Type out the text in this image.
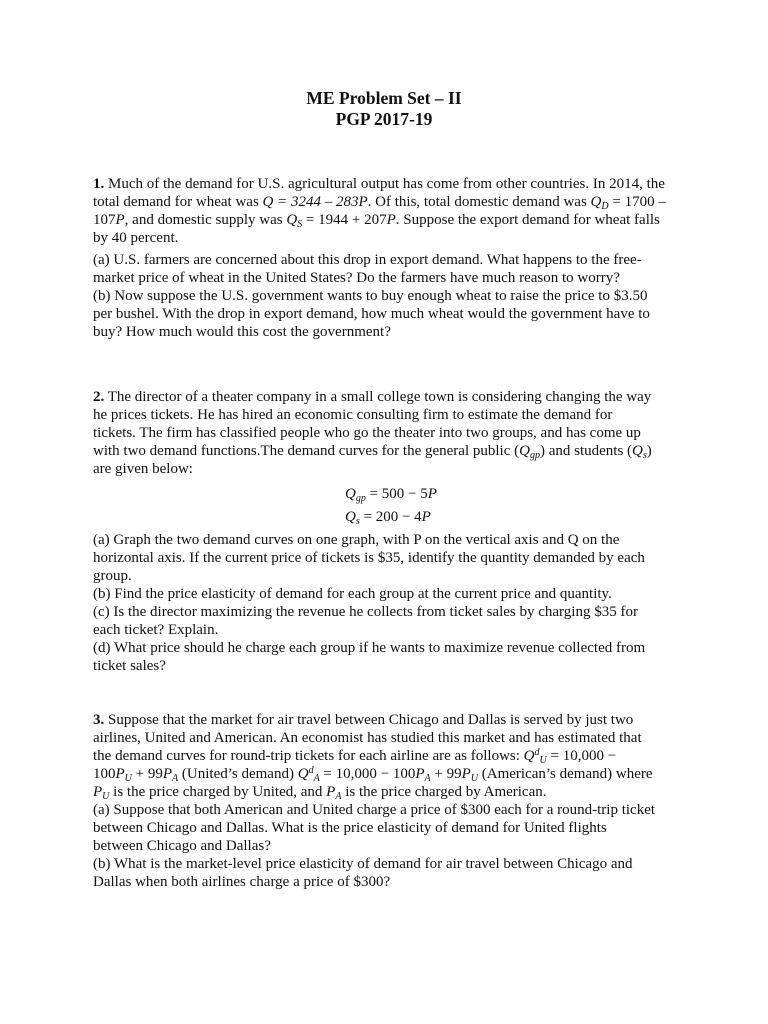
ME Problem Set – II
PGP 2017-19
1. Much of the demand for U.S. agricultural output has come from other countries. In 2014, the
total demand for wheat was Q = 3244 – 283P. Of this, total domestic demand was $Q_D = 1700$ –
107P, and domestic supply was $Q_S = 1944 + 207P$. Suppose the export demand for wheat falls
by 40 percent.
(a) U.S. farmers are concerned about this drop in export demand. What happens to the free-
market price of wheat in the United States? Do the farmers have much reason to worry?
(b) Now suppose the U.S. government wants to buy enough wheat to raise the price to $3.50
per bushel. With the drop in export demand, how much wheat would the government have to
buy? How much would this cost the government?
2. The director of a theater company in a small college town is considering changing the way
he prices tickets. He has hired an economic consulting firm to estimate the demand for
tickets. The firm has classified people who go the theater into two groups, and has come up
with two demand functions.The demand curves for the general public $(Q_{gp})$ and students $(Q_s)$
are given below:
$Q_{gp} = 500 - 5P$
$Q_s = 200 - 4P$
(a) Graph the two demand curves on one graph, with P on the vertical axis and Q on the
horizontal axis. If the current price of tickets is $35, identify the quantity demanded by each
group.
(b) Find the price elasticity of demand for each group at the current price and quantity.
(c) Is the director maximizing the revenue he collects from ticket sales by charging $35 for
each ticket? Explain.
(d) What price should he charge each group if he wants to maximize revenue collected from
ticket sales?
3. Suppose that the market for air travel between Chicago and Dallas is served by just two
airlines, United and American. An economist has studied this market and has estimated that
the demand curves for round-trip tickets for each airline are as follows: $Q^d_U = 10,000$ −
$100P_U + 99P_A$ (United’s demand) $Q^d_A = 10,000 - 100P_A + 99P_U$ (American’s demand) where
$P_U$ is the price charged by United, and $P_A$ is the price charged by American.
(a) Suppose that both American and United charge a price of $300 each for a round-trip ticket
between Chicago and Dallas. What is the price elasticity of demand for United flights
between Chicago and Dallas?
(b) What is the market-level price elasticity of demand for air travel between Chicago and
Dallas when both airlines charge a price of $300?
